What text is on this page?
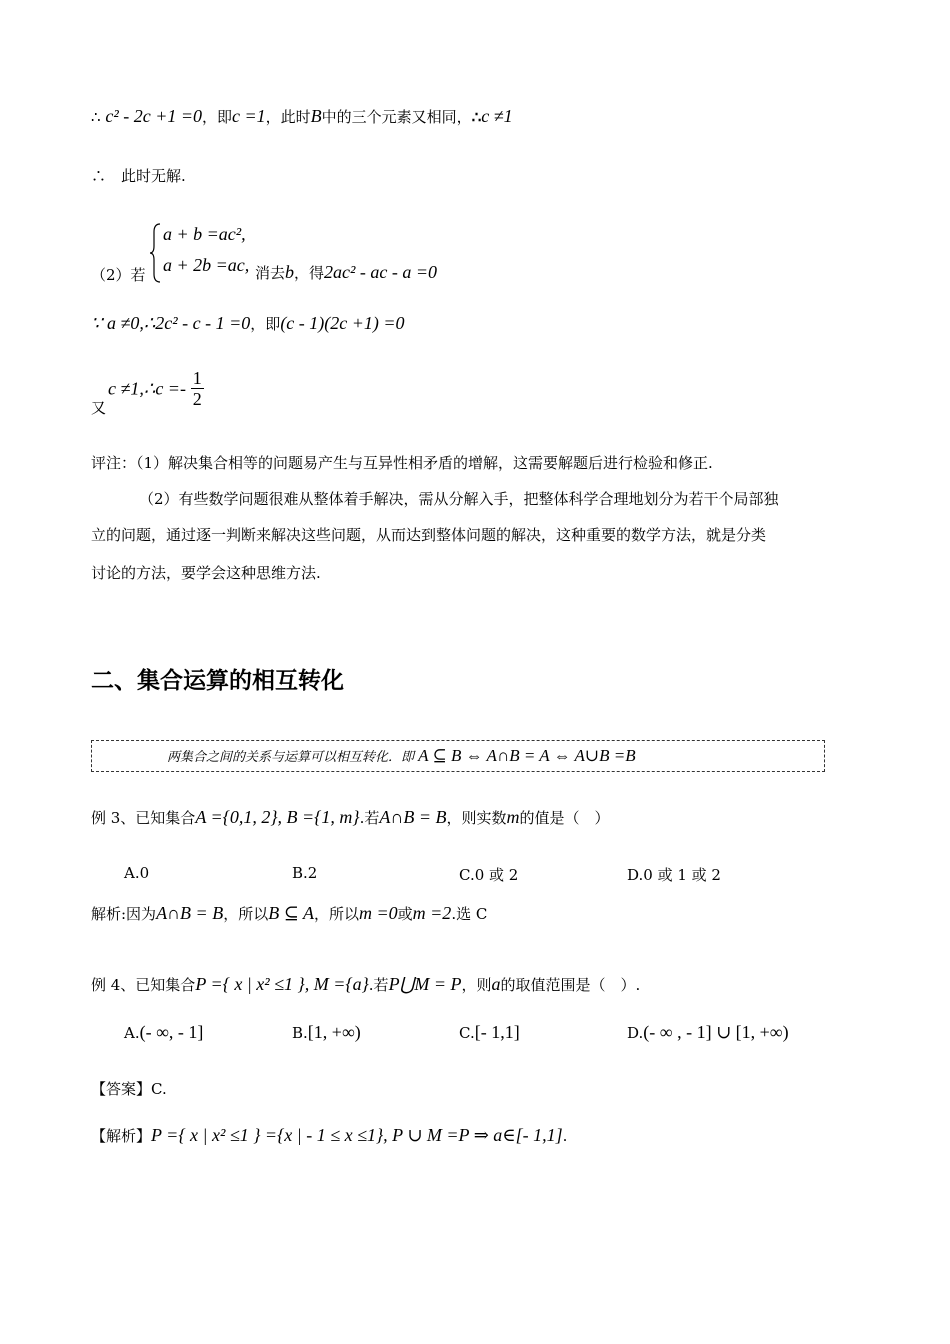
∴ c² - 2c +1 =0，即c =1，此时B中的三个元素又相同，∴c ≠1
∴　此时无解.
（2）若
a + b =ac²,
a + 2b =ac, 消去b，得2ac² - ac - a =0
∵ a ≠0,∴2c² - c - 1 =0，即(c - 1)(2c +1) =0
又
c ≠1,∴c =- $\frac{1}{2}$
评注：（1）解决集合相等的问题易产生与互异性相矛盾的增解，这需要解题后进行检验和修正.
（2）有些数学问题很难从整体着手解决，需从分解入手，把整体科学合理地划分为若干个局部独
立的问题，通过逐一判断来解决这些问题，从而达到整体问题的解决，这种重要的数学方法，就是分类
讨论的方法，要学会这种思维方法.
二、集合运算的相互转化
两集合之间的关系与运算可以相互转化．即 A ⊆ B ⇔ A∩B = A ⇔ A∪B =B
例 3、已知集合A ={0,1, 2}, B ={1, m}.若A∩B = B，则实数m的值是（　）
A.0	B.2	C.0 或 2	D.0 或 1 或 2
解析:因为A∩B = B，所以B ⊆ A，所以m =0或m =2.选 C
例 4、已知集合P ={ x | x² ≤1 }, M ={a}.若P⋃M = P，则a的取值范围是（　）.
A.(- ∞, - 1]	B.[1, +∞)	C.[- 1,1]	D.(- ∞ , - 1] ∪ [1, +∞)
【答案】C.
【解析】P ={ x | x² ≤1 } ={x | - 1 ≤ x ≤1}, P ∪ M =P ⇒ a∈[- 1,1].
